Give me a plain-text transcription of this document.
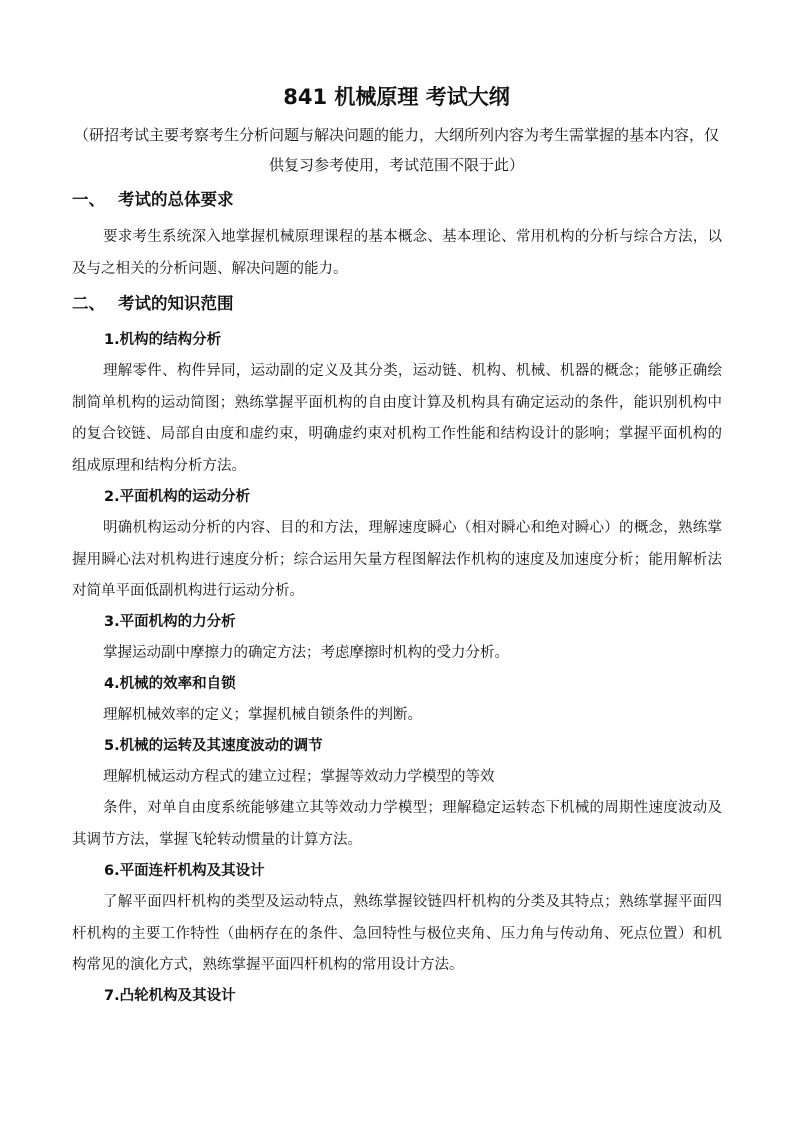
841 机械原理 考试大纲

（研招考试主要考察考生分析问题与解决问题的能力，大纲所列内容为考生需掌握的基本内容，仅供复习参考使用，考试范围不限于此）

一、 考试的总体要求

要求考生系统深入地掌握机械原理课程的基本概念、基本理论、常用机构的分析与综合方法，以及与之相关的分析问题、解决问题的能力。

二、 考试的知识范围
1.机构的结构分析

理解零件、构件异同，运动副的定义及其分类，运动链、机构、机械、机器的概念；能够正确绘制简单机构的运动简图；熟练掌握平面机构的自由度计算及机构具有确定运动的条件，能识别机构中的复合铰链、局部自由度和虚约束，明确虚约束对机构工作性能和结构设计的影响；掌握平面机构的组成原理和结构分析方法。

2.平面机构的运动分析

明确机构运动分析的内容、目的和方法，理解速度瞬心（相对瞬心和绝对瞬心）的概念，熟练掌握用瞬心法对机构进行速度分析；综合运用矢量方程图解法作机构的速度及加速度分析；能用解析法对简单平面低副机构进行运动分析。

3.平面机构的力分析

掌握运动副中摩擦力的确定方法；考虑摩擦时机构的受力分析。

4.机械的效率和自锁

理解机械效率的定义；掌握机械自锁条件的判断。

5.机械的运转及其速度波动的调节

理解机械运动方程式的建立过程；掌握等效动力学模型的等效

条件，对单自由度系统能够建立其等效动力学模型；理解稳定运转态下机械的周期性速度波动及其调节方法，掌握飞轮转动惯量的计算方法。

6.平面连杆机构及其设计

了解平面四杆机构的类型及运动特点，熟练掌握铰链四杆机构的分类及其特点；熟练掌握平面四杆机构的主要工作特性（曲柄存在的条件、急回特性与极位夹角、压力角与传动角、死点位置）和机构常见的演化方式，熟练掌握平面四杆机构的常用设计方法。

7.凸轮机构及其设计
